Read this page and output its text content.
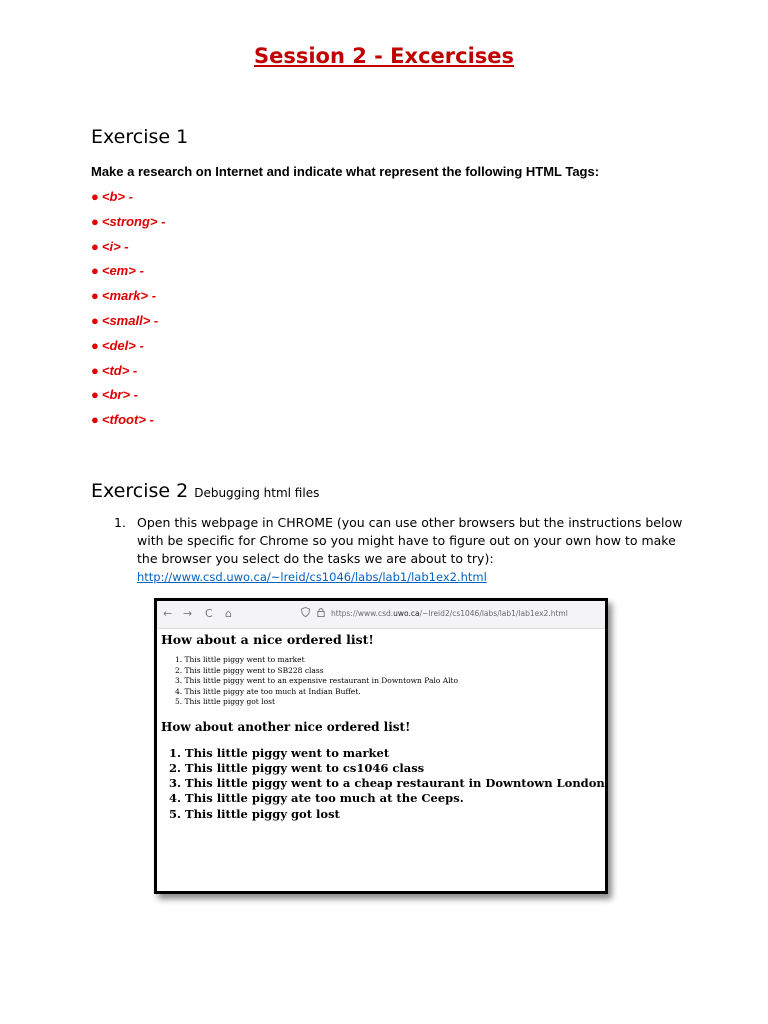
Session 2 - Excercises
Exercise 1

Make a research on Internet and indicate what represent the following HTML Tags:

● <b> -
● <strong> -
● <i> -
● <em> -
● <mark> -
● <small> -
● <del> -
● <td> -
● <br> -
● <tfoot> -
Exercise 2 Debugging html files
1. Open this webpage in CHROME (you can use other browsers but the instructions below with be specific for Chrome so you might have to figure out on your own how to make the browser you select do the tasks we are about to try):
http://www.csd.uwo.ca/~lreid/cs1046/labs/lab1/lab1ex2.html
← → C ⌂	https://www.csd.uwo.ca/~lreid2/cs1046/labs/lab1/lab1ex2.html

How about a nice ordered list!

1. This little piggy went to market
2. This little piggy went to SB228 class
3. This little piggy went to an expensive restaurant in Downtown Palo Alto
4. This little piggy ate too much at Indian Buffet.
5. This little piggy got lost

How about another nice ordered list!

1. This little piggy went to market
2. This little piggy went to cs1046 class
3. This little piggy went to a cheap restaurant in Downtown London
4. This little piggy ate too much at the Ceeps.
5. This little piggy got lost
